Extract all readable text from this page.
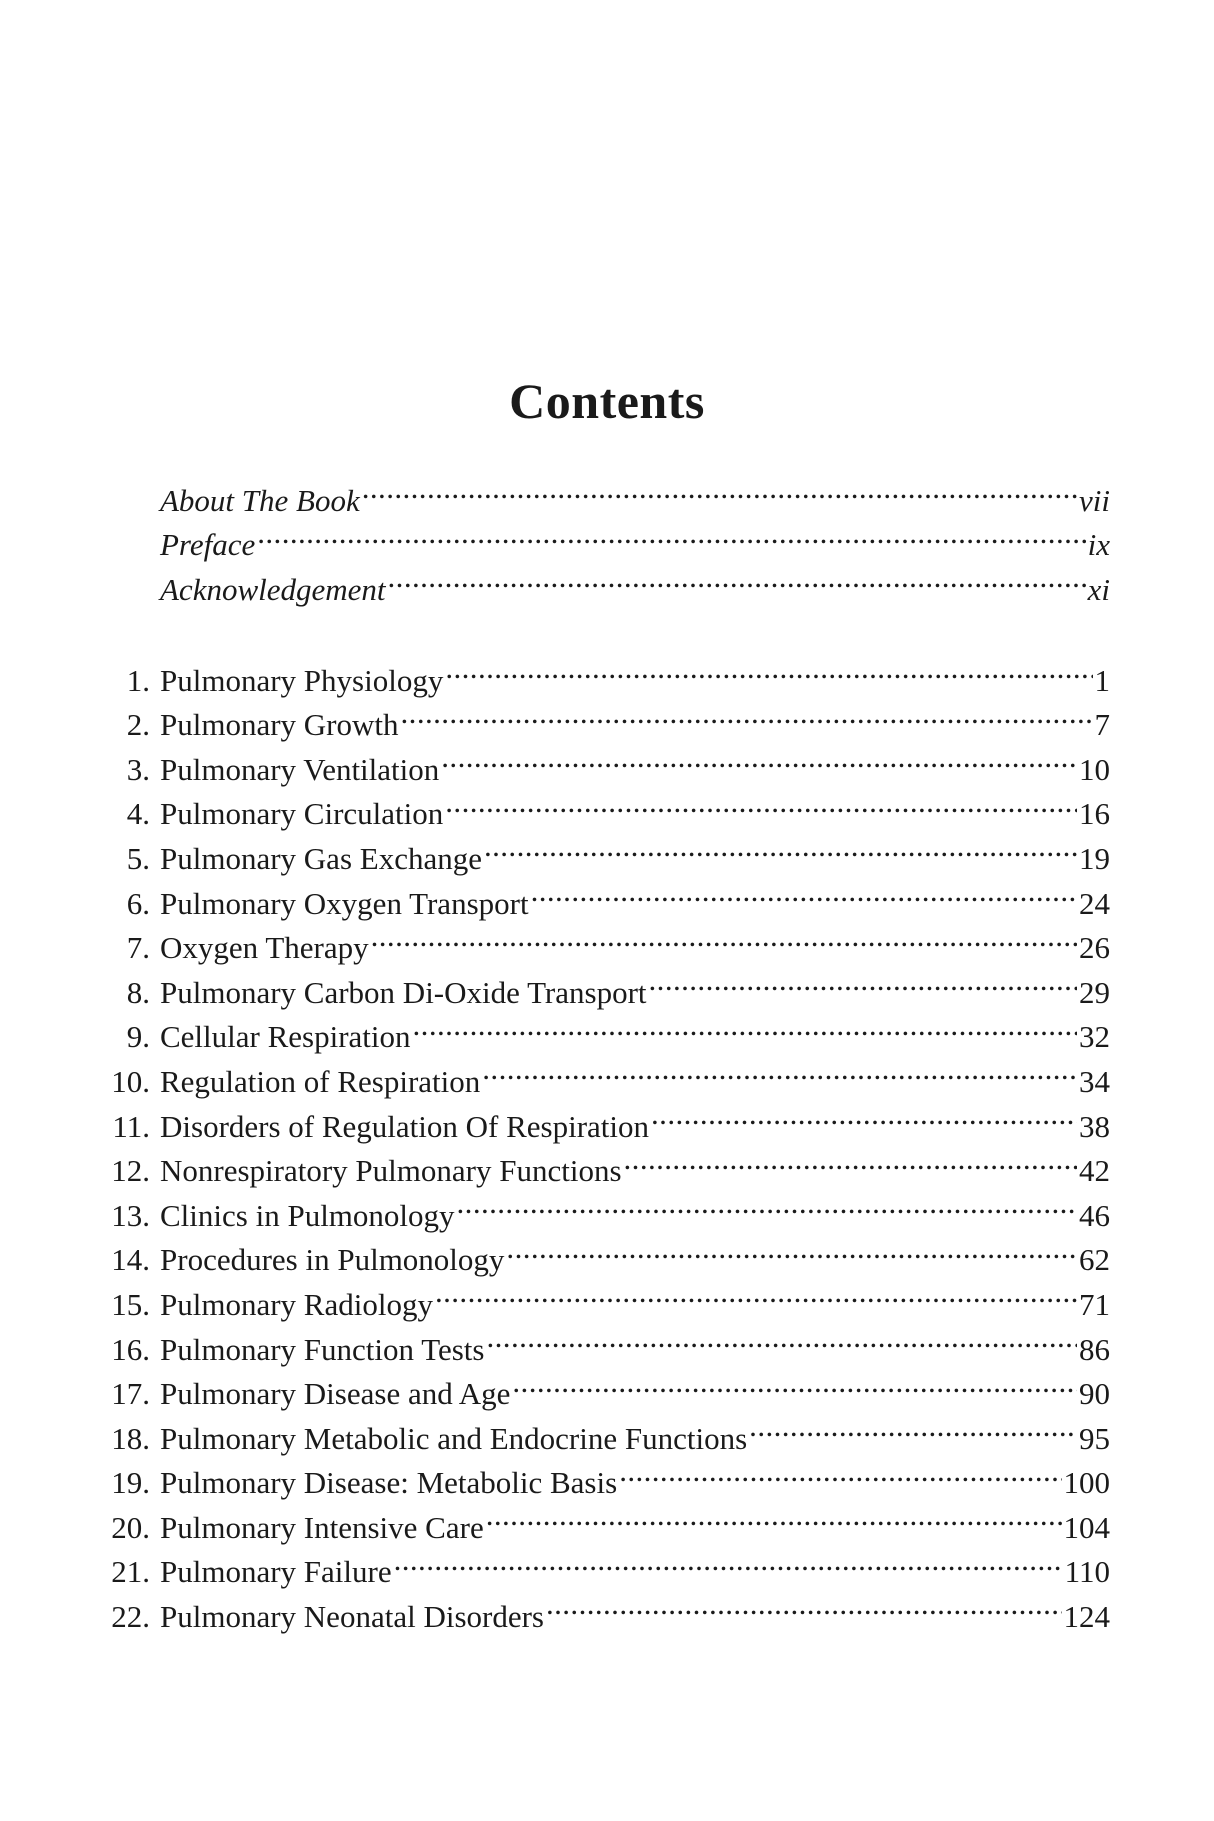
Contents
About The Book .....	vii
Preface .....	ix
Acknowledgement .....	xi
1. Pulmonary Physiology .....	1
2. Pulmonary Growth .....	7
3. Pulmonary Ventilation .....	10
4. Pulmonary Circulation .....	16
5. Pulmonary Gas Exchange .....	19
6. Pulmonary Oxygen Transport .....	24
7. Oxygen Therapy .....	26
8. Pulmonary Carbon Di-Oxide Transport .....	29
9. Cellular Respiration .....	32
10. Regulation of Respiration .....	34
11. Disorders of Regulation Of Respiration .....	38
12. Nonrespiratory Pulmonary Functions .....	42
13. Clinics in Pulmonology .....	46
14. Procedures in Pulmonology .....	62
15. Pulmonary Radiology .....	71
16. Pulmonary Function Tests .....	86
17. Pulmonary Disease and Age .....	90
18. Pulmonary Metabolic and Endocrine Functions .....	95
19. Pulmonary Disease: Metabolic Basis .....	100
20. Pulmonary Intensive Care .....	104
21. Pulmonary Failure .....	110
22. Pulmonary Neonatal Disorders .....	124
